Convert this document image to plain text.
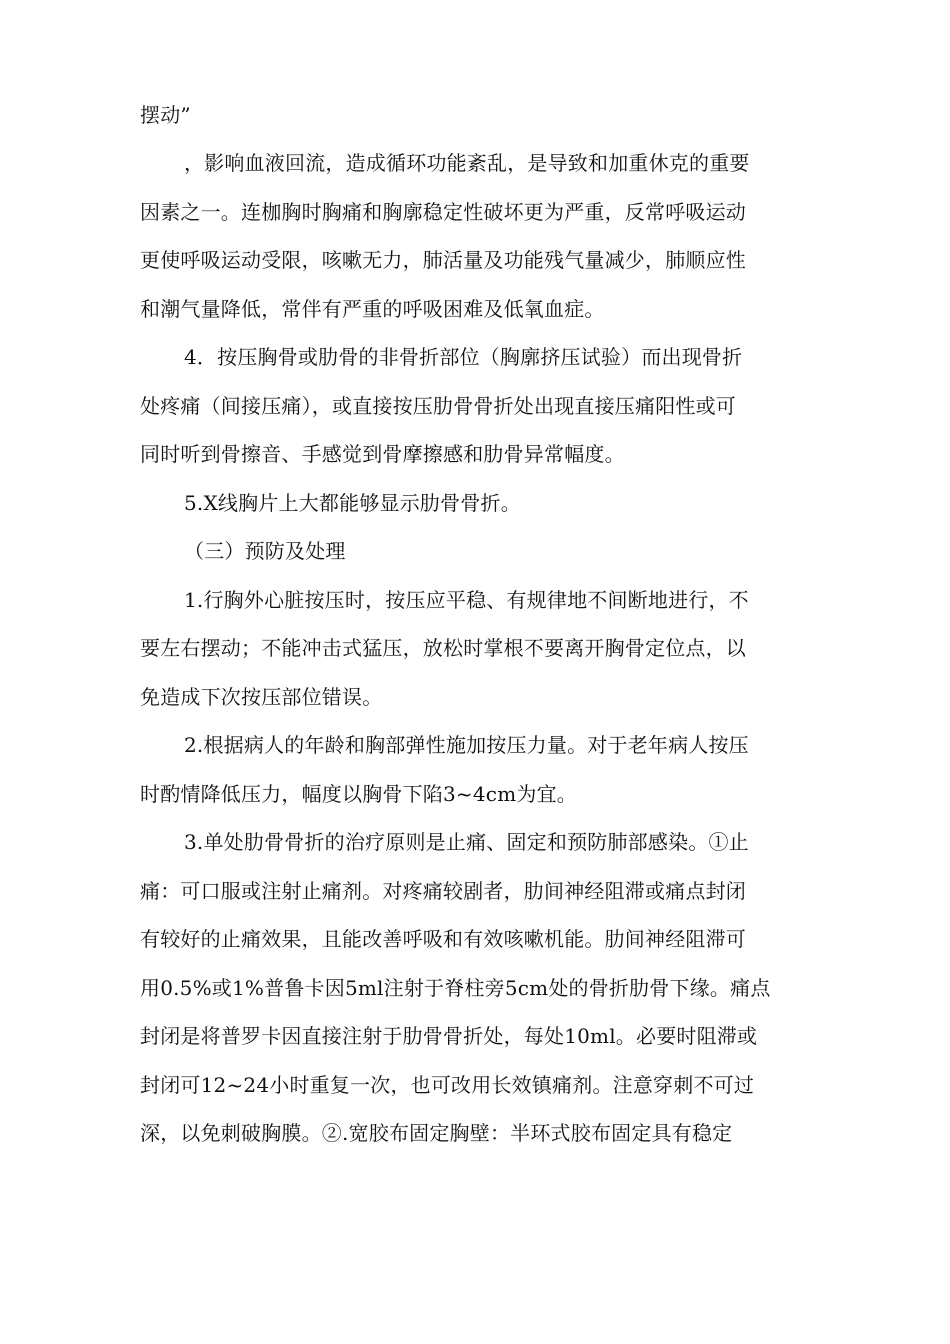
摆动”
，影响血液回流，造成循环功能紊乱，是导致和加重休克的重要
因素之一。连枷胸时胸痛和胸廓稳定性破坏更为严重，反常呼吸运动
更使呼吸运动受限，咳嗽无力，肺活量及功能残气量减少，肺顺应性
和潮气量降低，常伴有严重的呼吸困难及低氧血症。
4．按压胸骨或肋骨的非骨折部位（胸廓挤压试验）而出现骨折
处疼痛（间接压痛），或直接按压肋骨骨折处出现直接压痛阳性或可
同时听到骨擦音、手感觉到骨摩擦感和肋骨异常幅度。
5.X线胸片上大都能够显示肋骨骨折。
（三）预防及处理
1.行胸外心脏按压时，按压应平稳、有规律地不间断地进行，不
要左右摆动；不能冲击式猛压，放松时掌根不要离开胸骨定位点，以
免造成下次按压部位错误。
2.根据病人的年龄和胸部弹性施加按压力量。对于老年病人按压
时酌情降低压力，幅度以胸骨下陷3~4cm为宜。
3.单处肋骨骨折的治疗原则是止痛、固定和预防肺部感染。①止
痛：可口服或注射止痛剂。对疼痛较剧者，肋间神经阻滞或痛点封闭
有较好的止痛效果，且能改善呼吸和有效咳嗽机能。肋间神经阻滞可
用0.5%或1%普鲁卡因5ml注射于脊柱旁5cm处的骨折肋骨下缘。痛点
封闭是将普罗卡因直接注射于肋骨骨折处，每处10ml。必要时阻滞或
封闭可12~24小时重复一次，也可改用长效镇痛剂。注意穿刺不可过
深，以免刺破胸膜。②.宽胶布固定胸壁：半环式胶布固定具有稳定
